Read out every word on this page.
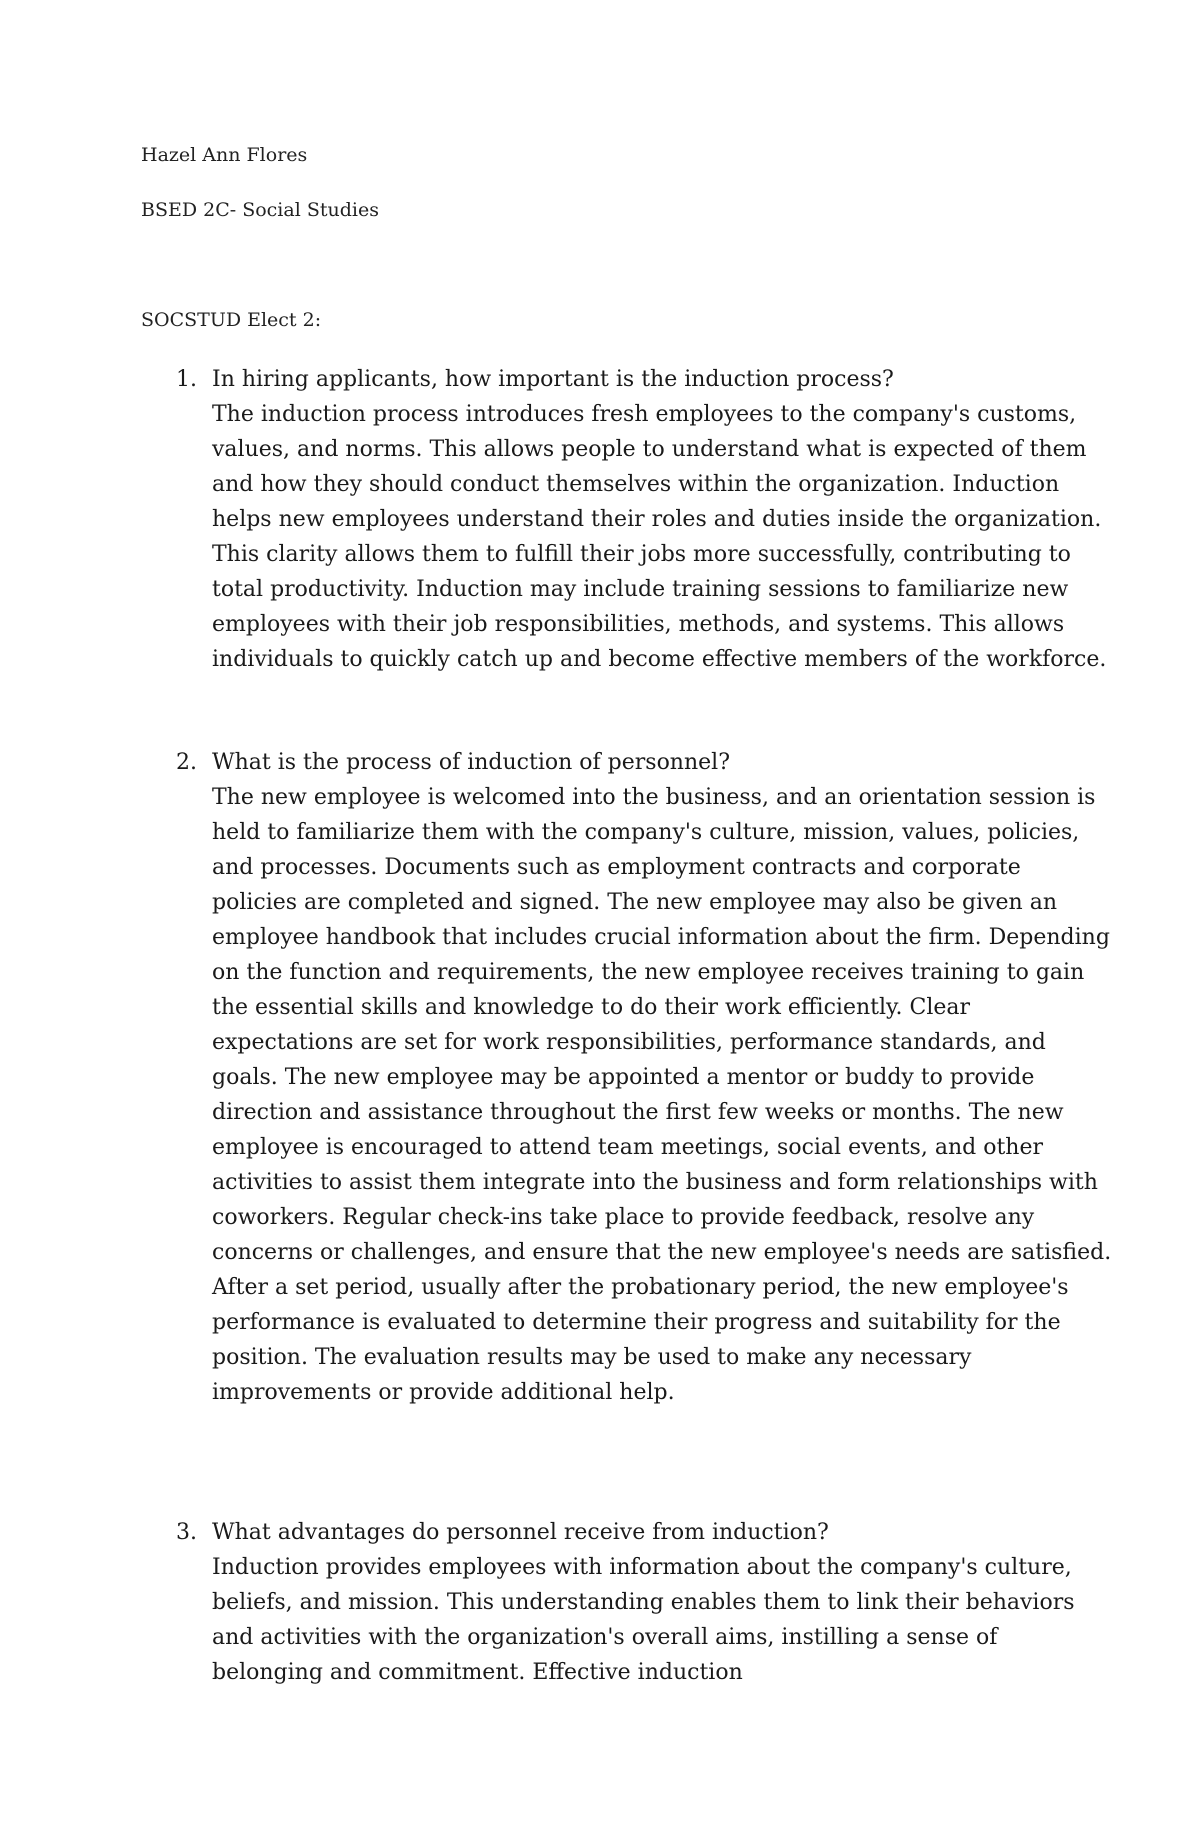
Hazel Ann Flores
BSED 2C- Social Studies
SOCSTUD Elect 2:
1. In hiring applicants, how important is the induction process?
The induction process introduces fresh employees to the company's customs, values, and norms. This allows people to understand what is expected of them and how they should conduct themselves within the organization. Induction helps new employees understand their roles and duties inside the organization. This clarity allows them to fulfill their jobs more successfully, contributing to total productivity. Induction may include training sessions to familiarize new employees with their job responsibilities, methods, and systems. This allows individuals to quickly catch up and become effective members of the workforce.
2. What is the process of induction of personnel?
The new employee is welcomed into the business, and an orientation session is held to familiarize them with the company's culture, mission, values, policies, and processes. Documents such as employment contracts and corporate policies are completed and signed. The new employee may also be given an employee handbook that includes crucial information about the firm. Depending on the function and requirements, the new employee receives training to gain the essential skills and knowledge to do their work efficiently. Clear expectations are set for work responsibilities, performance standards, and goals. The new employee may be appointed a mentor or buddy to provide direction and assistance throughout the first few weeks or months. The new employee is encouraged to attend team meetings, social events, and other activities to assist them integrate into the business and form relationships with coworkers. Regular check-ins take place to provide feedback, resolve any concerns or challenges, and ensure that the new employee's needs are satisfied. After a set period, usually after the probationary period, the new employee's performance is evaluated to determine their progress and suitability for the position. The evaluation results may be used to make any necessary improvements or provide additional help.
3. What advantages do personnel receive from induction?
Induction provides employees with information about the company's culture, beliefs, and mission. This understanding enables them to link their behaviors and activities with the organization's overall aims, instilling a sense of belonging and commitment. Effective induction
